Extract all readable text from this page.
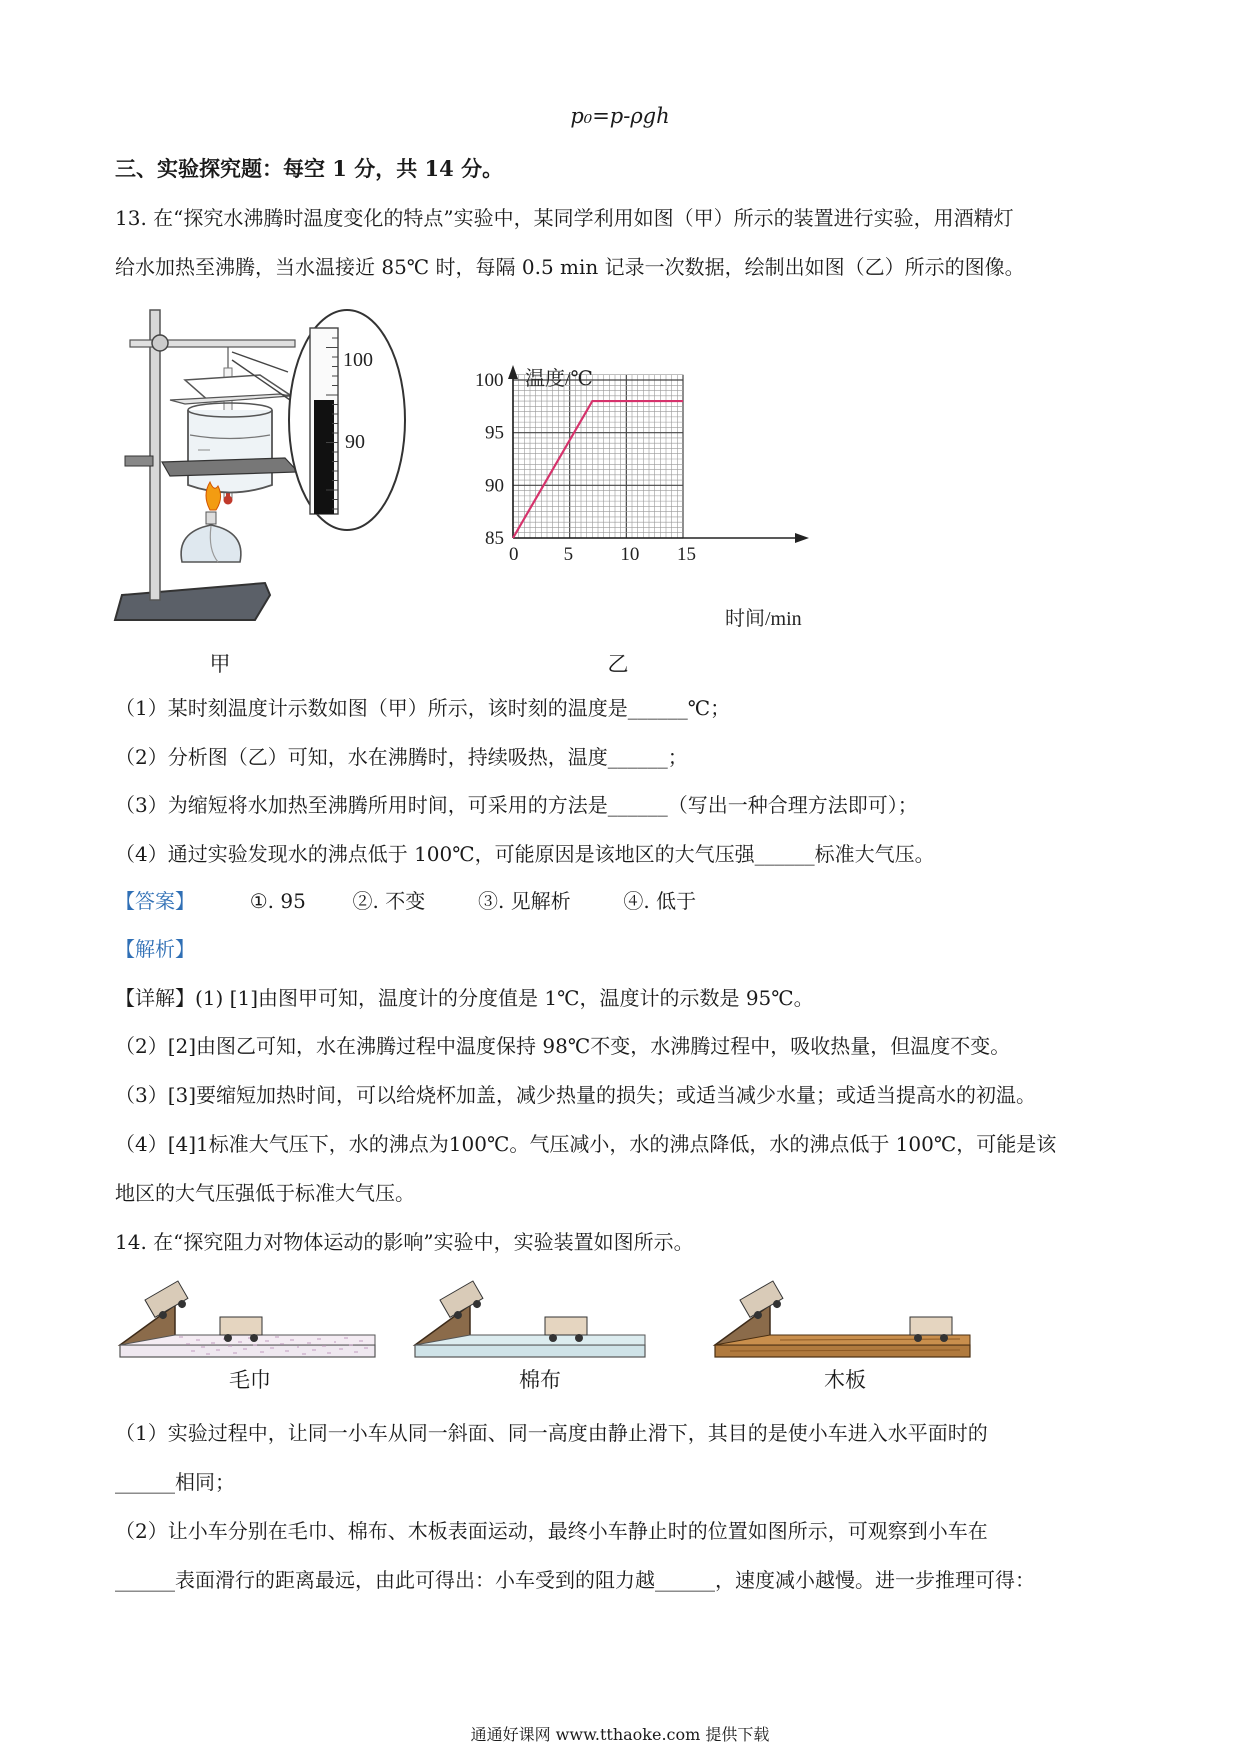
p₀=p-ρgh
三、实验探究题：每空 1 分，共 14 分。
13. 在“探究水沸腾时温度变化的特点”实验中，某同学利用如图（甲）所示的装置进行实验，用酒精灯
给水加热至沸腾，当水温接近 85℃ 时，每隔 0.5 min 记录一次数据，绘制出如图（乙）所示的图像。
100
90
甲
0 5 10 15
85
90
95
100 温度/℃
时间/min
乙
（1）某时刻温度计示数如图（甲）所示，该时刻的温度是______℃；
（2）分析图（乙）可知，水在沸腾时，持续吸热，温度______；
（3）为缩短将水加热至沸腾所用时间，可采用的方法是______（写出一种合理方法即可）；
（4）通过实验发现水的沸点低于 100℃，可能原因是该地区的大气压强______标准大气压。
【答案】	①. 95 ②. 不变	③. 见解析	④. 低于
【解析】
【详解】(1) [1]由图甲可知，温度计的分度值是 1℃，温度计的示数是 95℃。
（2）[2]由图乙可知，水在沸腾过程中温度保持 98℃不变，水沸腾过程中，吸收热量，但温度不变。
（3）[3]要缩短加热时间，可以给烧杯加盖，减少热量的损失；或适当减少水量；或适当提高水的初温。
（4）[4]1标准大气压下，水的沸点为100℃。气压减小，水的沸点降低，水的沸点低于 100℃，可能是该
地区的大气压强低于标准大气压。
14. 在“探究阻力对物体运动的影响”实验中，实验装置如图所示。
毛巾	棉布	木板
（1）实验过程中，让同一小车从同一斜面、同一高度由静止滑下，其目的是使小车进入水平面时的
______相同；
（2）让小车分别在毛巾、棉布、木板表面运动，最终小车静止时的位置如图所示，可观察到小车在
______表面滑行的距离最远，由此可得出：小车受到的阻力越______，速度减小越慢。进一步推理可得：
通通好课网 www.tthaoke.com 提供下载
